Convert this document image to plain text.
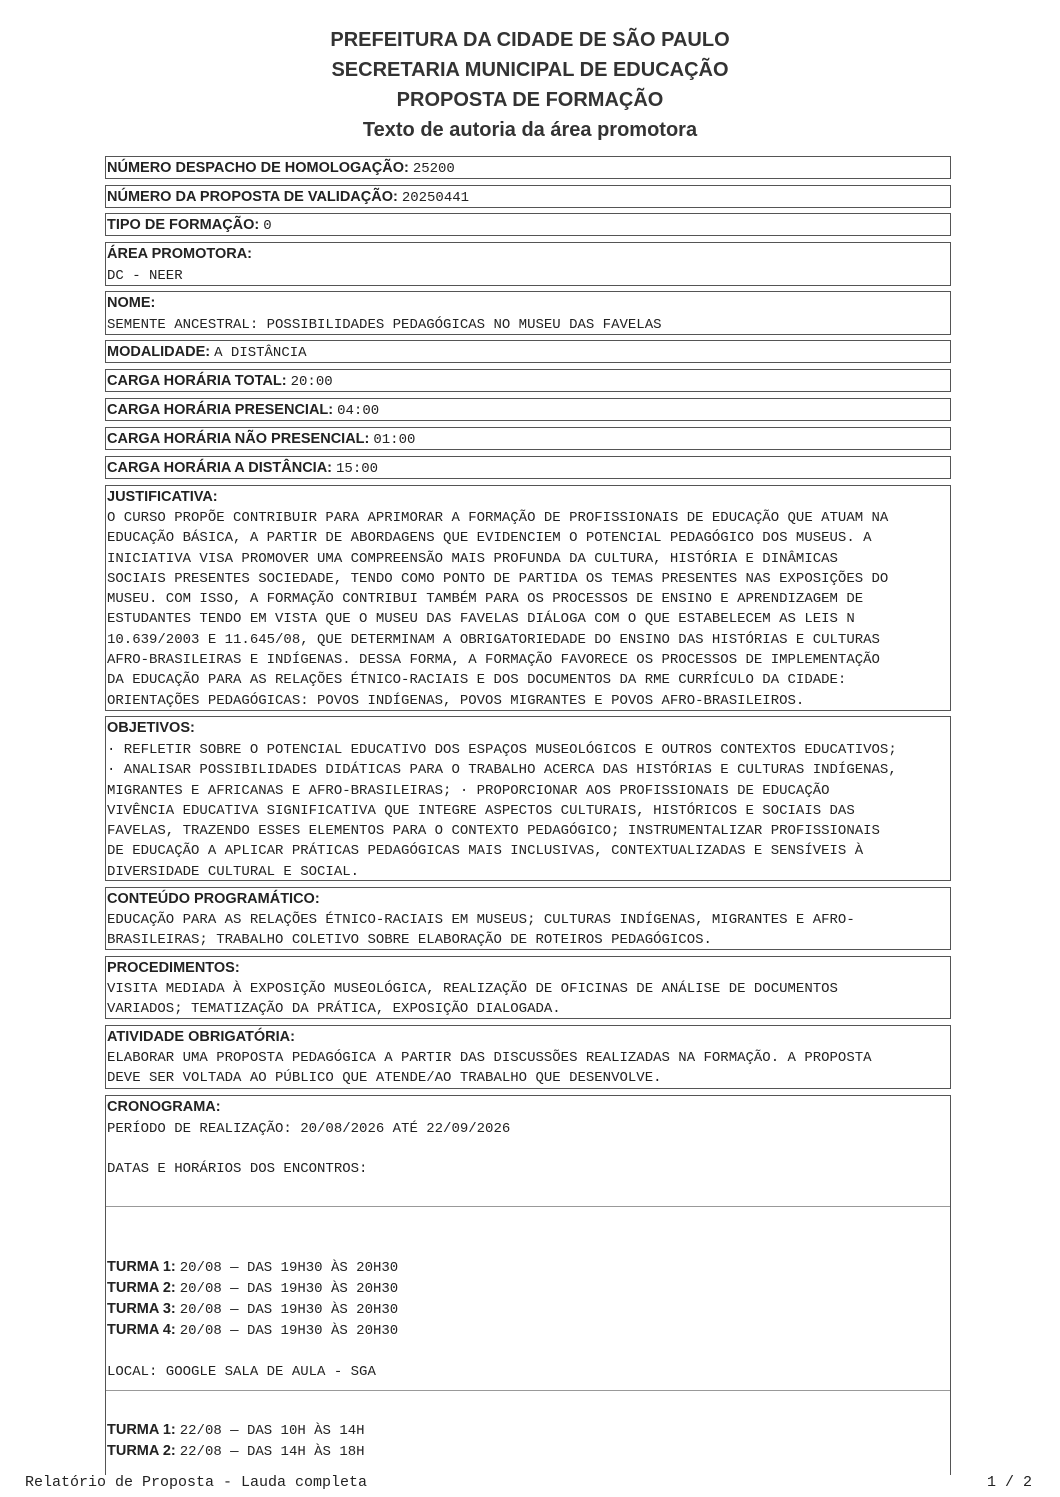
PREFEITURA DA CIDADE DE SÃO PAULO
SECRETARIA MUNICIPAL DE EDUCAÇÃO
PROPOSTA DE FORMAÇÃO
Texto de autoria da área promotora
NÚMERO DESPACHO DE HOMOLOGAÇÃO: 25200
NÚMERO DA PROPOSTA DE VALIDAÇÃO: 20250441
TIPO DE FORMAÇÃO: 0
ÁREA PROMOTORA:
DC - NEER
NOME:
SEMENTE ANCESTRAL: POSSIBILIDADES PEDAGÓGICAS NO MUSEU DAS FAVELAS
MODALIDADE: A DISTÂNCIA
CARGA HORÁRIA TOTAL: 20:00
CARGA HORÁRIA PRESENCIAL: 04:00
CARGA HORÁRIA NÃO PRESENCIAL: 01:00
CARGA HORÁRIA A DISTÂNCIA: 15:00
JUSTIFICATIVA:
O CURSO PROPÕE CONTRIBUIR PARA APRIMORAR A FORMAÇÃO DE PROFISSIONAIS DE EDUCAÇÃO QUE ATUAM NA
EDUCAÇÃO BÁSICA, A PARTIR DE ABORDAGENS QUE EVIDENCIEM O POTENCIAL PEDAGÓGICO DOS MUSEUS. A
INICIATIVA VISA PROMOVER UMA COMPREENSÃO MAIS PROFUNDA DA CULTURA, HISTÓRIA E DINÂMICAS
SOCIAIS PRESENTES SOCIEDADE, TENDO COMO PONTO DE PARTIDA OS TEMAS PRESENTES NAS EXPOSIÇÕES DO
MUSEU. COM ISSO, A FORMAÇÃO CONTRIBUI TAMBÉM PARA OS PROCESSOS DE ENSINO E APRENDIZAGEM DE
ESTUDANTES TENDO EM VISTA QUE O MUSEU DAS FAVELAS DIÁLOGA COM O QUE ESTABELECEM AS LEIS N
10.639/2003 E 11.645/08, QUE DETERMINAM A OBRIGATORIEDADE DO ENSINO DAS HISTÓRIAS E CULTURAS
AFRO-BRASILEIRAS E INDÍGENAS. DESSA FORMA, A FORMAÇÃO FAVORECE OS PROCESSOS DE IMPLEMENTAÇÃO
DA EDUCAÇÃO PARA AS RELAÇÕES ÉTNICO-RACIAIS E DOS DOCUMENTOS DA RME CURRÍCULO DA CIDADE:
ORIENTAÇÕES PEDAGÓGICAS: POVOS INDÍGENAS, POVOS MIGRANTES E POVOS AFRO-BRASILEIROS.
OBJETIVOS:
· REFLETIR SOBRE O POTENCIAL EDUCATIVO DOS ESPAÇOS MUSEOLÓGICOS E OUTROS CONTEXTOS EDUCATIVOS;
· ANALISAR POSSIBILIDADES DIDÁTICAS PARA O TRABALHO ACERCA DAS HISTÓRIAS E CULTURAS INDÍGENAS,
MIGRANTES E AFRICANAS E AFRO-BRASILEIRAS; · PROPORCIONAR AOS PROFISSIONAIS DE EDUCAÇÃO
VIVÊNCIA EDUCATIVA SIGNIFICATIVA QUE INTEGRE ASPECTOS CULTURAIS, HISTÓRICOS E SOCIAIS DAS
FAVELAS, TRAZENDO ESSES ELEMENTOS PARA O CONTEXTO PEDAGÓGICO; INSTRUMENTALIZAR PROFISSIONAIS
DE EDUCAÇÃO A APLICAR PRÁTICAS PEDAGÓGICAS MAIS INCLUSIVAS, CONTEXTUALIZADAS E SENSÍVEIS À
DIVERSIDADE CULTURAL E SOCIAL.
CONTEÚDO PROGRAMÁTICO:
EDUCAÇÃO PARA AS RELAÇÕES ÉTNICO-RACIAIS EM MUSEUS; CULTURAS INDÍGENAS, MIGRANTES E AFRO-
BRASILEIRAS; TRABALHO COLETIVO SOBRE ELABORAÇÃO DE ROTEIROS PEDAGÓGICOS.
PROCEDIMENTOS:
VISITA MEDIADA À EXPOSIÇÃO MUSEOLÓGICA, REALIZAÇÃO DE OFICINAS DE ANÁLISE DE DOCUMENTOS
VARIADOS; TEMATIZAÇÃO DA PRÁTICA, EXPOSIÇÃO DIALOGADA.
ATIVIDADE OBRIGATÓRIA:
ELABORAR UMA PROPOSTA PEDAGÓGICA A PARTIR DAS DISCUSSÕES REALIZADAS NA FORMAÇÃO. A PROPOSTA
DEVE SER VOLTADA AO PÚBLICO QUE ATENDE/AO TRABALHO QUE DESENVOLVE.
CRONOGRAMA:
PERÍODO DE REALIZAÇÃO: 20/08/2026 ATÉ 22/09/2026
DATAS E HORÁRIOS DOS ENCONTROS:
TURMA 1: 20/08 — DAS 19H30 ÀS 20H30
TURMA 2: 20/08 — DAS 19H30 ÀS 20H30
TURMA 3: 20/08 — DAS 19H30 ÀS 20H30
TURMA 4: 20/08 — DAS 19H30 ÀS 20H30
LOCAL: GOOGLE SALA DE AULA - SGA
TURMA 1: 22/08 — DAS 10H ÀS 14H
TURMA 2: 22/08 — DAS 14H ÀS 18H
Relatório de Proposta - Lauda completa	1 / 2
